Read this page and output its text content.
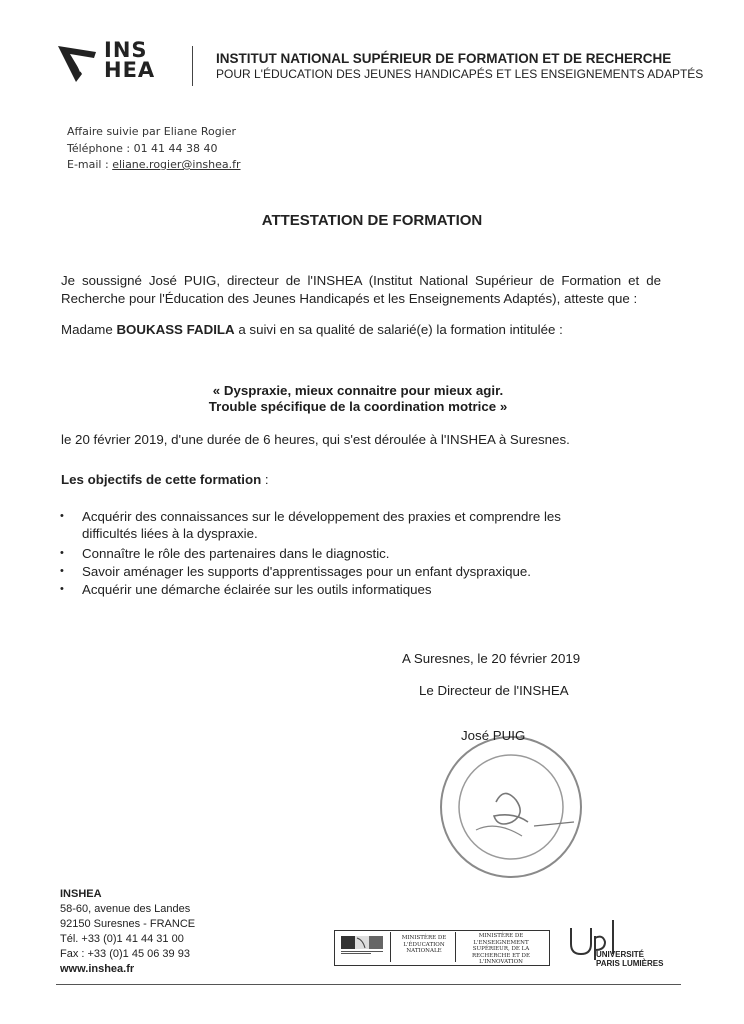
INS
HEA	INSTITUT NATIONAL SUPÉRIEUR DE FORMATION ET DE RECHERCHE
POUR L'ÉDUCATION DES JEUNES HANDICAPÉS ET LES ENSEIGNEMENTS ADAPTÉS
Affaire suivie par Eliane Rogier
Téléphone : 01 41 44 38 40
E-mail : eliane.rogier@inshea.fr
ATTESTATION DE FORMATION
Je soussigné José PUIG, directeur de l'INSHEA (Institut National Supérieur de Formation et de
Recherche pour l'Éducation des Jeunes Handicapés et les Enseignements Adaptés), atteste que :
Madame BOUKASS FADILA a suivi en sa qualité de salarié(e) la formation intitulée :
« Dyspraxie, mieux connaitre pour mieux agir.
Trouble spécifique de la coordination motrice »
le 20 février 2019, d'une durée de 6 heures, qui s'est déroulée à l'INSHEA à Suresnes.
Les objectifs de cette formation :
• Acquérir des connaissances sur le développement des praxies et comprendre les
difficultés liées à la dyspraxie.
• Connaître le rôle des partenaires dans le diagnostic.
• Savoir aménager les supports d'apprentissages pour un enfant dyspraxique.
• Acquérir une démarche éclairée sur les outils informatiques
A Suresnes, le 20 février 2019
Le Directeur de l'INSHEA
José PUIG
INSHEA
58-60, avenue des Landes
92150 Suresnes - FRANCE
Tél. +33 (0)1 41 44 31 00
Fax : +33 (0)1 45 06 39 93
www.inshea.fr
MINISTÈRE DE L'ÉDUCATION NATIONALE
MINISTÈRE DE L'ENSEIGNEMENT SUPÉRIEUR, DE LA RECHERCHE ET DE L'INNOVATION
UNIVERSITÉ
PARIS LUMIÈRES
